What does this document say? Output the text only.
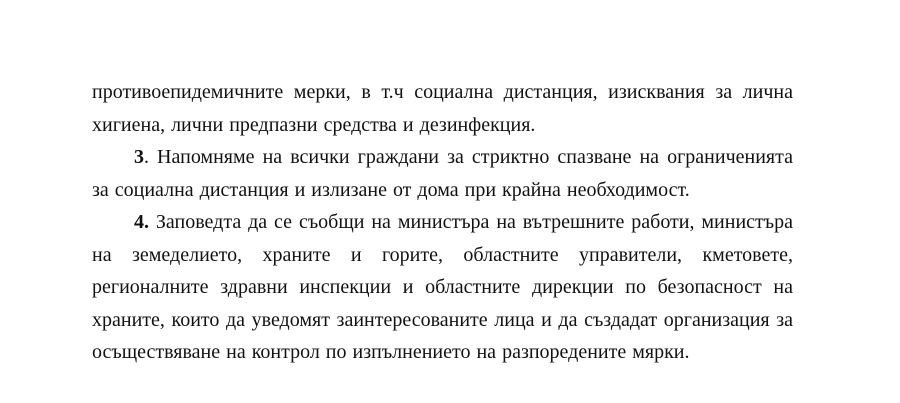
противоепидемичните мерки, в т.ч социална дистанция, изисквания за лична хигиена, лични предпазни средства и дезинфекция.

3. Напомняме на всички граждани за стриктно спазване на ограниченията за социална дистанция и излизане от дома при крайна необходимост.

4. Заповедта да се съобщи на министъра на вътрешните работи, министъра на земеделието, храните и горите, областните управители, кметовете, регионалните здравни инспекции и областните дирекции по безопасност на храните, които да уведомят заинтересованите лица и да създадат организация за осъществяване на контрол по изпълнението на разпоредените мярки.
